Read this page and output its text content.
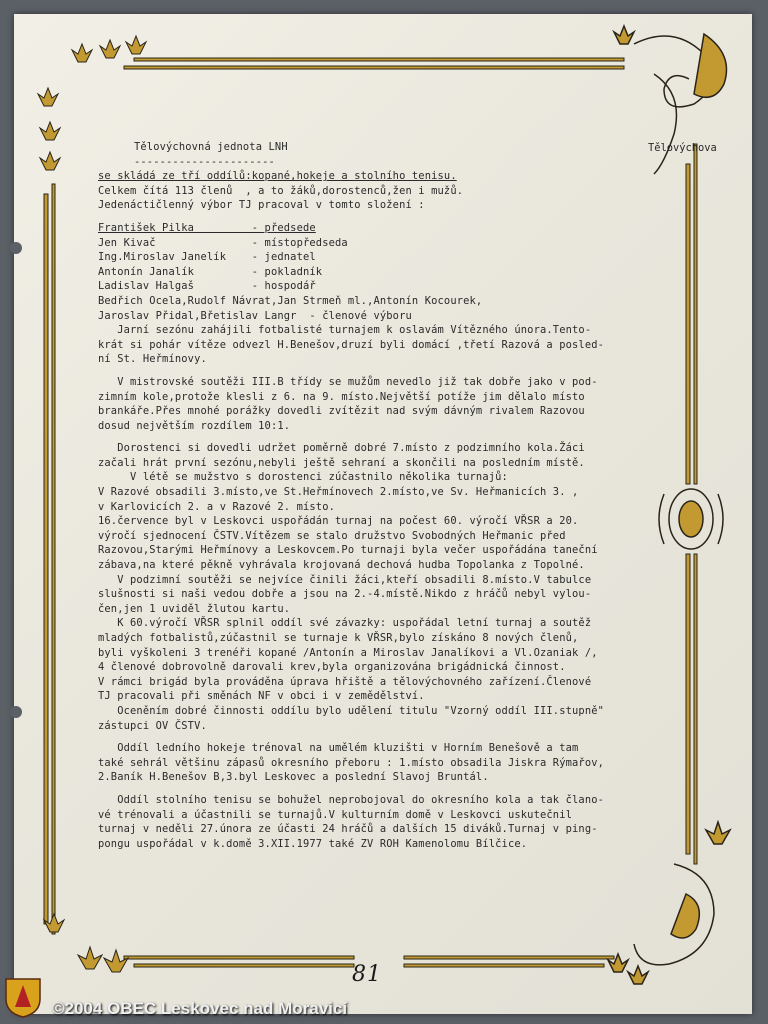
Tělovýchova
Tělovýchovná jednota LNH
----------------------
se skládá ze tří oddílů:kopané,hokeje a stolního tenisu.
Celkem čítá 113 členů  , a to žáků,dorostenců,žen i mužů.
Jedenáctičlenný výbor TJ pracoval v tomto složení :
František Pilka         - předsede
Jen Kivač               - místopředseda
Ing.Miroslav Janelík    - jednatel
Antonín Janalík         - pokladník
Ladislav Halgaš         - hospodář
Bedřich Ocela,Rudolf Návrat,Jan Strmeň ml.,Antonín Kocourek,
Jaroslav Přidal,Břetislav Langr  - členové výboru
Jarní sezónu zahájili fotbalisté turnajem k oslavám Vítězného února.Tento-
krát si pohár vítěze odvezl H.Benešov,druzí byli domácí ,třetí Razová a posled-
ní St. Heřmínovy.
V mistrovské soutěži III.B třídy se mužům nevedlo již tak dobře jako v pod-
zimním kole,protože klesli z 6. na 9. místo.Největší potíže jim dělalo místo
brankáře.Přes mnohé porážky dovedli zvítězit nad svým dávným rivalem Razovou
dosud největším rozdílem 10:1.
Dorostenci si dovedli udržet poměrně dobré 7.místo z podzimního kola.Žáci
začali hrát první sezónu,nebyli ještě sehraní a skončili na posledním místě.
V létě se mužstvo s dorostenci zúčastnilo několika turnajů:
V Razové obsadili 3.místo,ve St.Heřmínovech 2.místo,ve Sv. Heřmanicích 3. ,
v Karlovicích 2. a v Razové 2. místo.
16.července byl v Leskovci uspořádán turnaj na počest 60. výročí VŘSR a 20.
výročí sjednocení ČSTV.Vítězem se stalo družstvo Svobodných Heřmanic před
Razovou,Starými Heřmínovy a Leskovcem.Po turnaji byla večer uspořádána taneční
zábava,na které pěkně vyhrávala krojovaná dechová hudba Topolanka z Topolné.
V podzimní soutěži se nejvíce činili žáci,kteří obsadili 8.místo.V tabulce
slušnosti si naši vedou dobře a jsou na 2.-4.místě.Nikdo z hráčů nebyl vylou-
čen,jen 1 uviděl žlutou kartu.
K 60.výročí VŘSR splnil oddíl své závazky: uspořádal letní turnaj a soutěž
mladých fotbalistů,zúčastnil se turnaje k VŘSR,bylo získáno 8 nových členů,
byli vyškoleni 3 trenéři kopané /Antonín a Miroslav Janalíkovi a Vl.Ozaniak /,
4 členové dobrovolně darovali krev,byla organizována brigádnická činnost.
V rámci brigád byla prováděna úprava hřiště a tělovýchovného zařízení.Členové
TJ pracovali při směnách NF v obci i v zemědělství.
Oceněním dobré činnosti oddílu bylo udělení titulu "Vzorný oddíl III.stupně"
zástupci OV ČSTV.
Oddíl ledního hokeje trénoval na umělém kluzišti v Horním Benešově a tam
také sehrál většinu zápasů okresního přeboru : 1.místo obsadila Jiskra Rýmařov,
2.Baník H.Benešov B,3.byl Leskovec a poslední Slavoj Bruntál.
Oddíl stolního tenisu se bohužel neprobojoval do okresního kola a tak člano-
vé trénovali a účastnili se turnajů.V kulturním domě v Leskovci uskutečnil
turnaj v neděli 27.února ze účasti 24 hráčů a dalších 15 diváků.Turnaj v ping-
pongu uspořádal v k.domě 3.XII.1977 také ZV ROH Kamenolomu Bílčice.
81
©2004 OBEC Leskovec nad Moravicí
